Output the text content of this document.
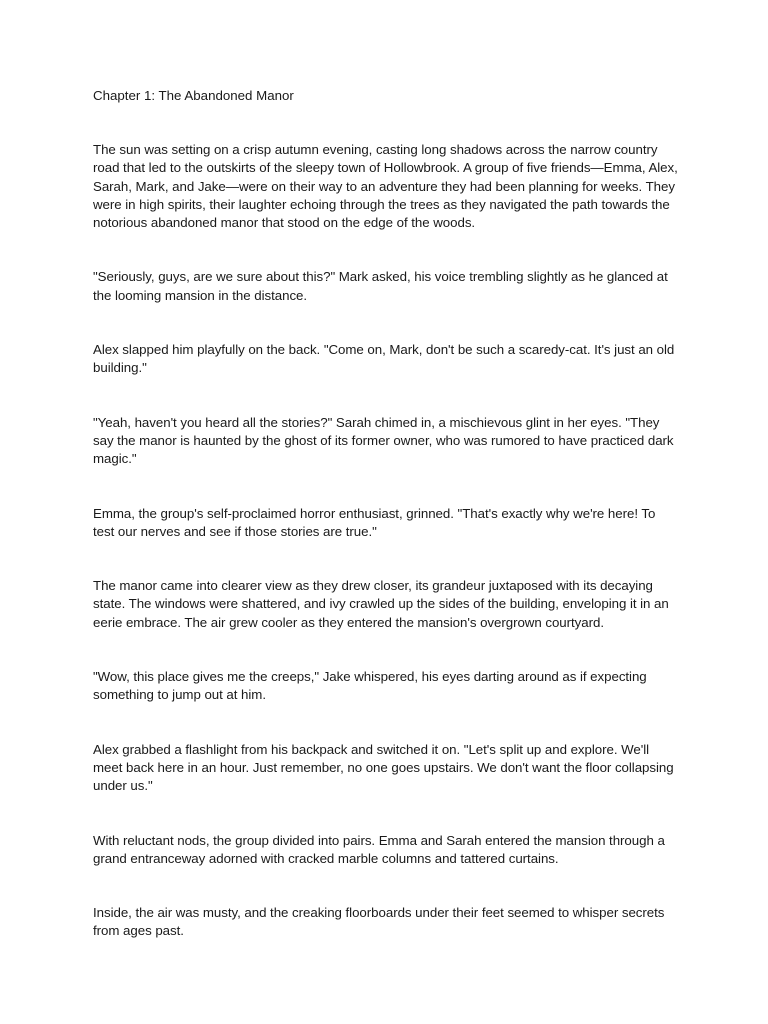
Chapter 1: The Abandoned Manor

The sun was setting on a crisp autumn evening, casting long shadows across the narrow country road that led to the outskirts of the sleepy town of Hollowbrook. A group of five friends—Emma, Alex, Sarah, Mark, and Jake—were on their way to an adventure they had been planning for weeks. They were in high spirits, their laughter echoing through the trees as they navigated the path towards the notorious abandoned manor that stood on the edge of the woods.

"Seriously, guys, are we sure about this?" Mark asked, his voice trembling slightly as he glanced at the looming mansion in the distance.

Alex slapped him playfully on the back. "Come on, Mark, don't be such a scaredy-cat. It's just an old building."

"Yeah, haven't you heard all the stories?" Sarah chimed in, a mischievous glint in her eyes. "They say the manor is haunted by the ghost of its former owner, who was rumored to have practiced dark magic."

Emma, the group's self-proclaimed horror enthusiast, grinned. "That's exactly why we're here! To test our nerves and see if those stories are true."

The manor came into clearer view as they drew closer, its grandeur juxtaposed with its decaying state. The windows were shattered, and ivy crawled up the sides of the building, enveloping it in an eerie embrace. The air grew cooler as they entered the mansion's overgrown courtyard.

"Wow, this place gives me the creeps," Jake whispered, his eyes darting around as if expecting something to jump out at him.

Alex grabbed a flashlight from his backpack and switched it on. "Let's split up and explore. We'll meet back here in an hour. Just remember, no one goes upstairs. We don't want the floor collapsing under us."

With reluctant nods, the group divided into pairs. Emma and Sarah entered the mansion through a grand entranceway adorned with cracked marble columns and tattered curtains.

Inside, the air was musty, and the creaking floorboards under their feet seemed to whisper secrets from ages past.
